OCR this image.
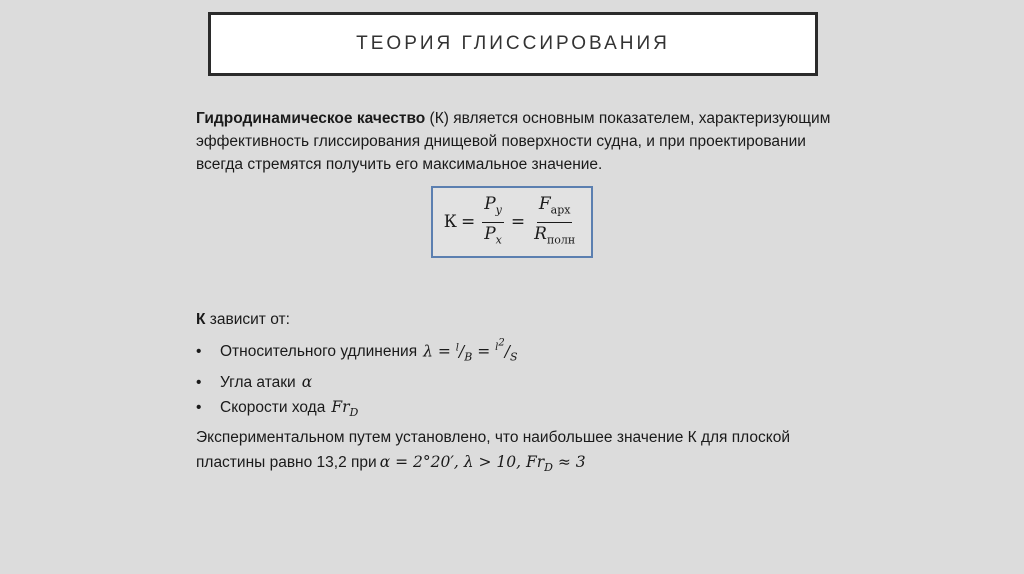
ТЕОРИЯ ГЛИССИРОВАНИЯ

Гидродинамическое качество (К) является основным показателем, характеризующим эффективность глиссирования днищевой поверхности судна, и при проектировании всегда стремятся получить его максимальное значение.

$К = \frac{P_y}{P_x} = \frac{F_{арх}}{R_{полн}}$
К зависит от:
•	Относительного удлинения $\lambda = ^l/_B = ^{l^2}/_S$
•	Угла атаки α
•	Скорости хода $Fr_D$

Экспериментальном путем установлено, что наибольшее значение К для плоской пластины равно 13,2 при α = 2°20′, λ > 10, $Fr_D \approx 3$
